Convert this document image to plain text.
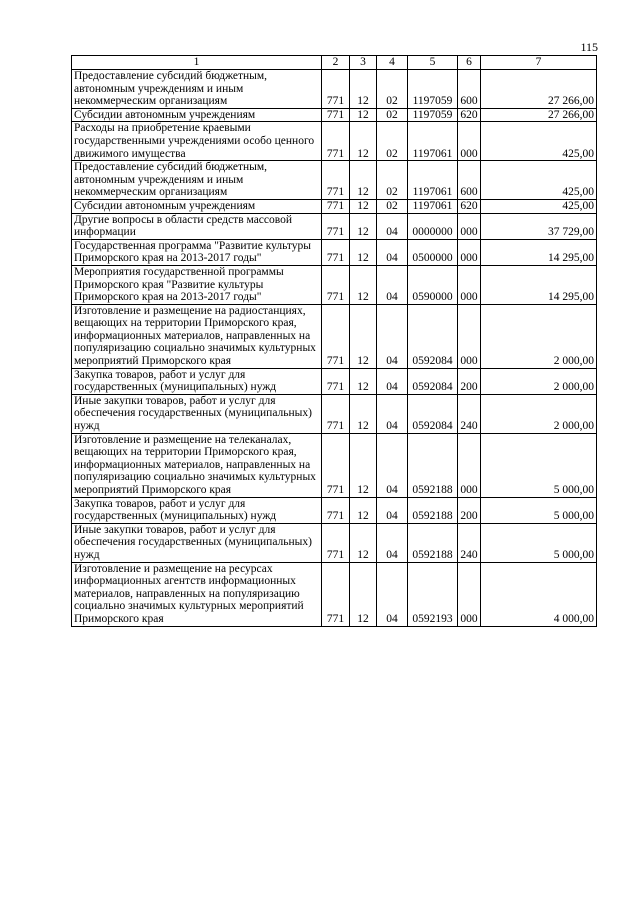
115
1	2	3	4	5	6	7
Предоставление субсидий бюджетным, автономным учреждениям и иным некоммерческим организациям	771	12	02	1197059	600	27 266,00
Субсидии автономным учреждениям	771	12	02	1197059	620	27 266,00
Расходы на приобретение краевыми государственными учреждениями особо ценного движимого имущества	771	12	02	1197061	000	425,00
Предоставление субсидий бюджетным, автономным учреждениям и иным некоммерческим организациям	771	12	02	1197061	600	425,00
Субсидии автономным учреждениям	771	12	02	1197061	620	425,00
Другие вопросы в области средств массовой информации	771	12	04	0000000	000	37 729,00
Государственная программа "Развитие культуры Приморского края на 2013-2017 годы"	771	12	04	0500000	000	14 295,00
Мероприятия государственной программы Приморского края "Развитие культуры Приморского края на 2013-2017 годы"	771	12	04	0590000	000	14 295,00
Изготовление и размещение на радиостанциях, вещающих на территории Приморского края, информационных материалов, направленных на популяризацию социально значимых культурных мероприятий Приморского края	771	12	04	0592084	000	2 000,00
Закупка товаров, работ и услуг для государственных (муниципальных) нужд	771	12	04	0592084	200	2 000,00
Иные закупки товаров, работ и услуг для обеспечения государственных (муниципальных) нужд	771	12	04	0592084	240	2 000,00
Изготовление и размещение на телеканалах, вещающих на территории Приморского края, информационных материалов, направленных на популяризацию социально значимых культурных мероприятий Приморского края	771	12	04	0592188	000	5 000,00
Закупка товаров, работ и услуг для государственных (муниципальных) нужд	771	12	04	0592188	200	5 000,00
Иные закупки товаров, работ и услуг для обеспечения государственных (муниципальных) нужд	771	12	04	0592188	240	5 000,00
Изготовление и размещение на ресурсах информационных агентств информационных материалов, направленных на популяризацию социально значимых культурных мероприятий Приморского края	771	12	04	0592193	000	4 000,00
